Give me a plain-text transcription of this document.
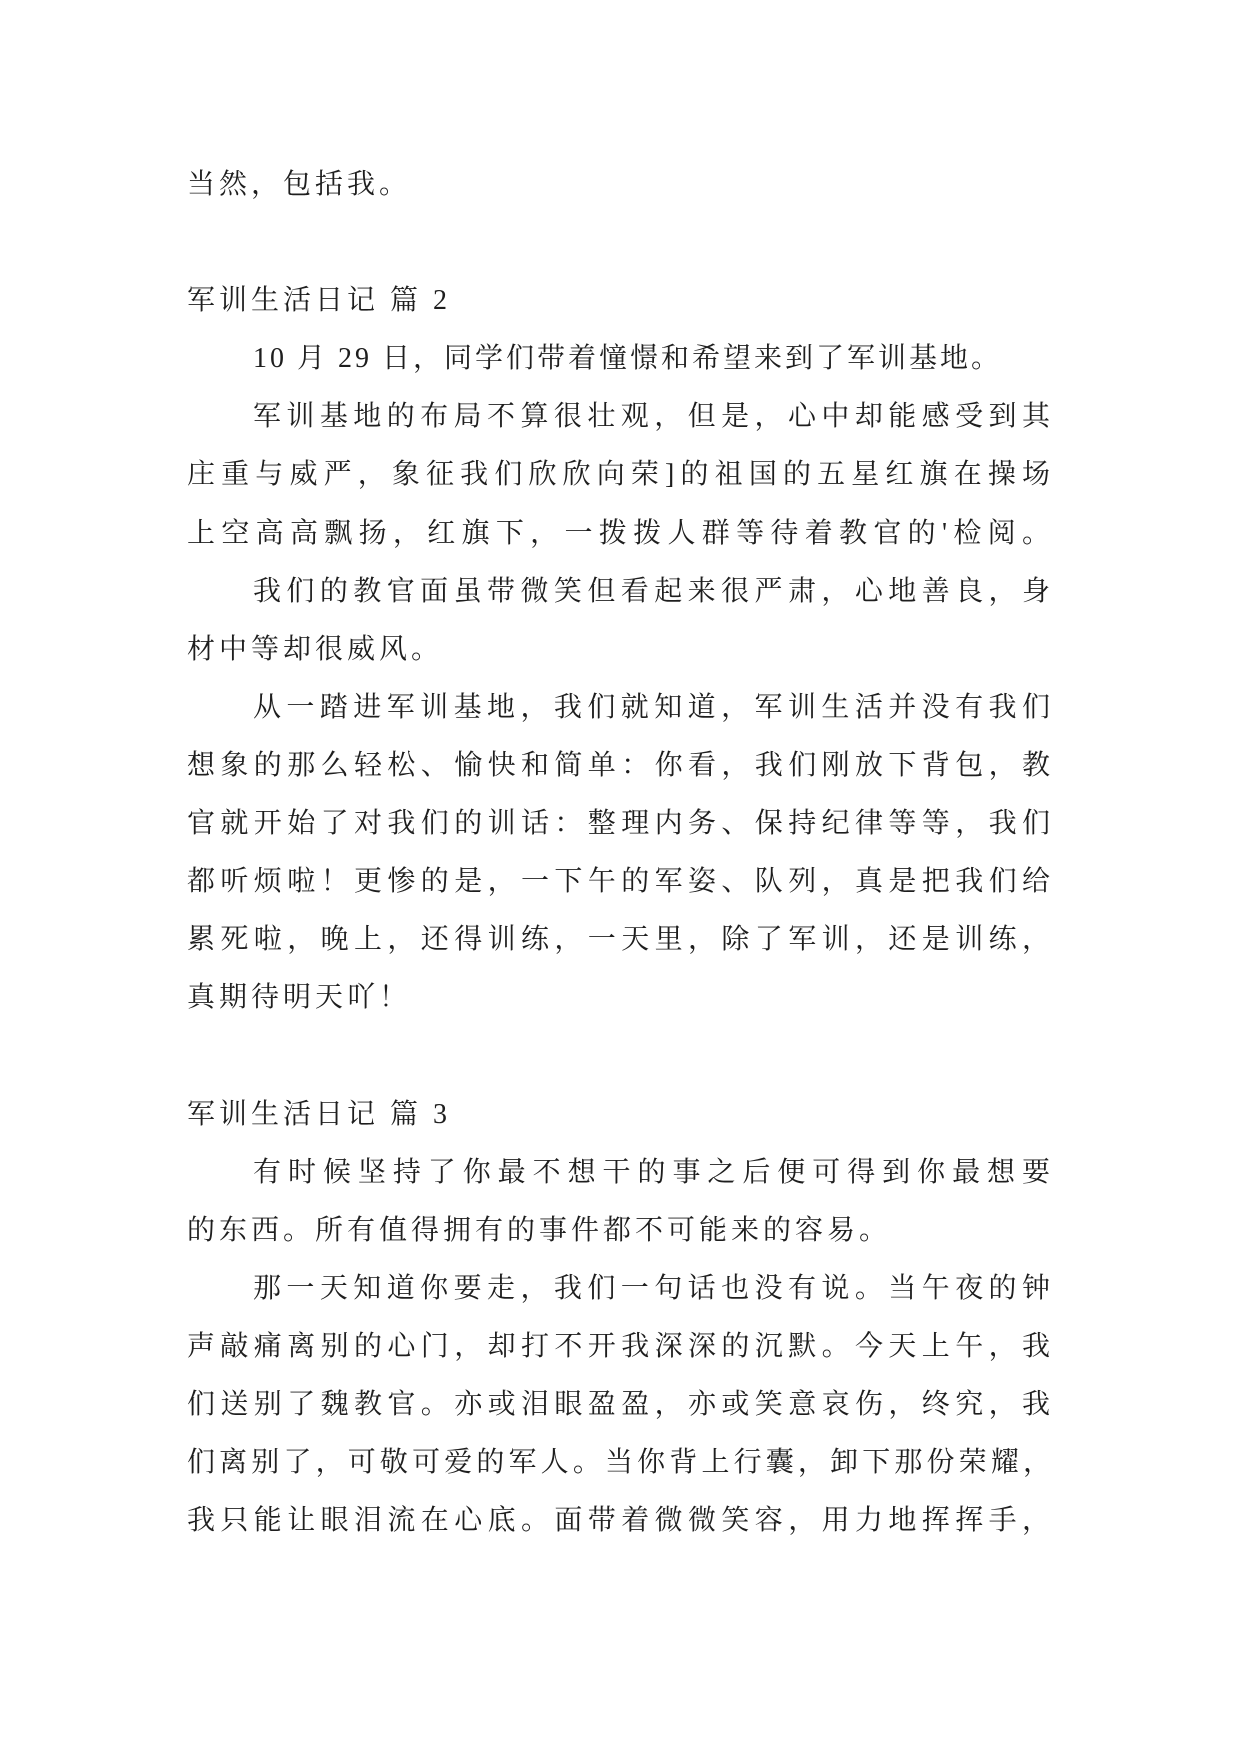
当然，包括我。
军训生活日记 篇 2
10 月 29 日，同学们带着憧憬和希望来到了军训基地。
军训基地的布局不算很壮观，但是，心中却能感受到其
庄重与威严，象征我们欣欣向荣]的祖国的五星红旗在操场
上空高高飘扬，红旗下，一拨拨人群等待着教官的'检阅。
我们的教官面虽带微笑但看起来很严肃，心地善良，身
材中等却很威风。
从一踏进军训基地，我们就知道，军训生活并没有我们
想象的那么轻松、愉快和简单：你看，我们刚放下背包，教
官就开始了对我们的训话：整理内务、保持纪律等等，我们
都听烦啦！更惨的是，一下午的军姿、队列，真是把我们给
累死啦，晚上，还得训练，一天里，除了军训，还是训练，
真期待明天吖！
军训生活日记 篇 3
有时候坚持了你最不想干的事之后便可得到你最想要
的东西。所有值得拥有的事件都不可能来的容易。
那一天知道你要走，我们一句话也没有说。当午夜的钟
声敲痛离别的心门，却打不开我深深的沉默。今天上午，我
们送别了魏教官。亦或泪眼盈盈，亦或笑意哀伤，终究，我
们离别了，可敬可爱的军人。当你背上行囊，卸下那份荣耀，
我只能让眼泪流在心底。面带着微微笑容，用力地挥挥手，
